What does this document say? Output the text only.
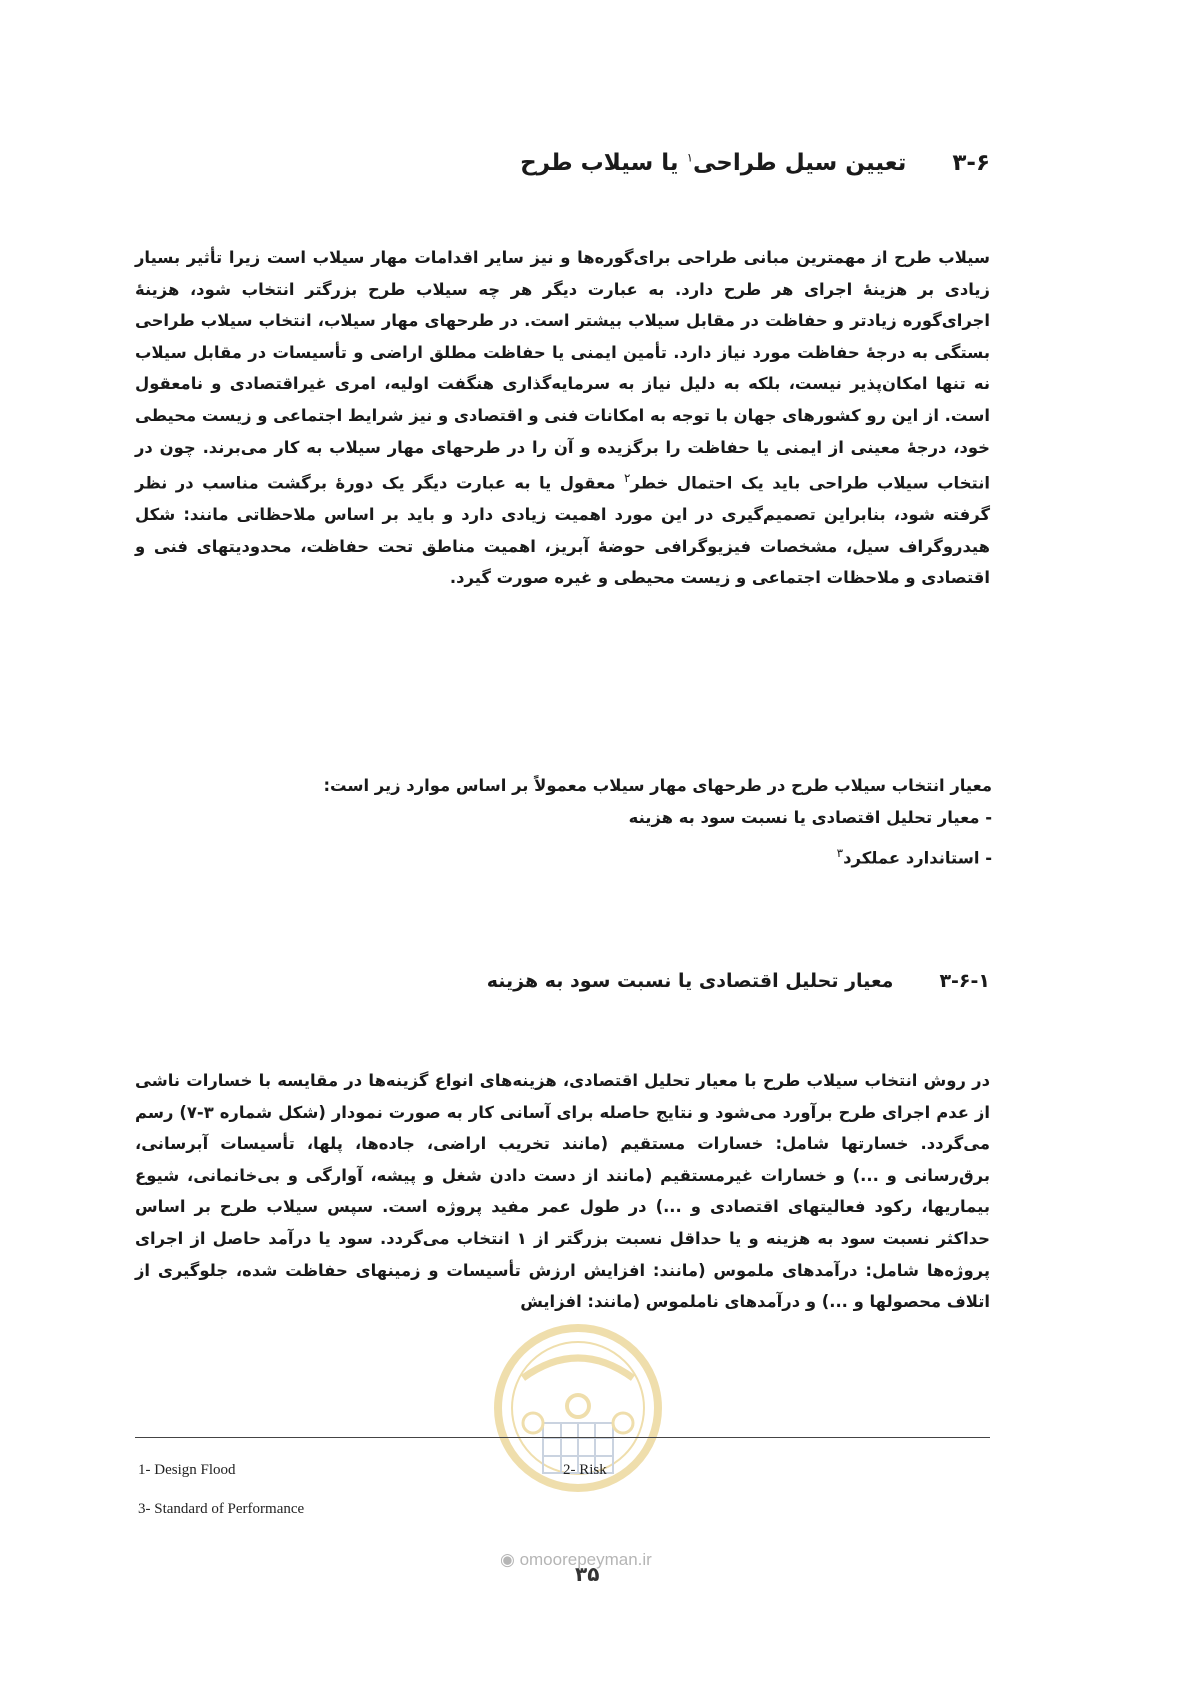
۳-۶تعیین سیل طراحی$^۱$ یا سیلاب طرح

سیلاب طرح از مهمترین مبانی طراحی برای‌گوره‌ها و نیز سایر اقدامات مهار سیلاب است زیرا تأثیر بسیار زیادی بر هزینهٔ اجرای هر طرح دارد. به عبارت دیگر هر چه سیلاب طرح بزرگتر انتخاب شود، هزینهٔ اجرای‌گوره زیادتر و حفاظت در مقابل سیلاب بیشتر است. در طرحهای مهار سیلاب، انتخاب سیلاب طراحی بستگی به درجهٔ حفاظت مورد نیاز دارد. تأمین ایمنی یا حفاظت مطلق اراضی و تأسیسات در مقابل سیلاب نه تنها امکان‌پذیر نیست، بلکه به دلیل نیاز به سرمایه‌گذاری هنگفت اولیه، امری غیراقتصادی و نامعقول است. از این رو کشورهای جهان با توجه به امکانات فنی و اقتصادی و نیز شرایط اجتماعی و زیست محیطی خود، درجهٔ معینی از ایمنی یا حفاظت را برگزیده و آن را در طرحهای مهار سیلاب به کار می‌برند. چون در انتخاب سیلاب طراحی باید یک احتمال خطر$^۲$ معقول یا به عبارت دیگر یک دورهٔ برگشت مناسب در نظر گرفته شود، بنابراین تصمیم‌گیری در این مورد اهمیت زیادی دارد و باید بر اساس ملاحظاتی مانند: شکل هیدروگراف سیل، مشخصات فیزیوگرافی حوضهٔ آبریز، اهمیت مناطق تحت حفاظت، محدودیتهای فنی و اقتصادی و ملاحظات اجتماعی و زیست محیطی و غیره صورت گیرد.

معیار انتخاب سیلاب طرح در طرحهای مهار سیلاب معمولاً بر اساس موارد زیر است:

- معیار تحلیل اقتصادی یا نسبت سود به هزینه

- استاندارد عملکرد$^۳$

۳-۶-۱معیار تحلیل اقتصادی یا نسبت سود به هزینه

در روش انتخاب سیلاب طرح با معیار تحلیل اقتصادی، هزینه‌های انواع گزینه‌ها در مقایسه با خسارات ناشی از عدم اجرای طرح برآورد می‌شود و نتایج حاصله برای آسانی کار به صورت نمودار (شکل شماره ۳-۷) رسم می‌گردد. خسارتها شامل: خسارات مستقیم (مانند تخریب اراضی، جاده‌ها، پلها، تأسیسات آبرسانی، برق‌رسانی و ...) و خسارات غیرمستقیم (مانند از دست دادن شغل و پیشه، آوارگی و بی‌خانمانی، شیوع بیماریها، رکود فعالیتهای اقتصادی و ...) در طول عمر مفید پروژه است. سپس سیلاب طرح بر اساس حداکثر نسبت سود به هزینه و یا حداقل نسبت بزرگتر از ۱ انتخاب می‌گردد. سود یا درآمد حاصل از اجرای پروژه‌ها شامل: درآمدهای ملموس (مانند: افزایش ارزش تأسیسات و زمینهای حفاظت شده، جلوگیری از اتلاف محصولها و ...) و درآمدهای ناملموس (مانند: افزایش

1- Design Flood	2- Risk
3- Standard of Performance
◉ omoorepeyman.ir
۳۵
